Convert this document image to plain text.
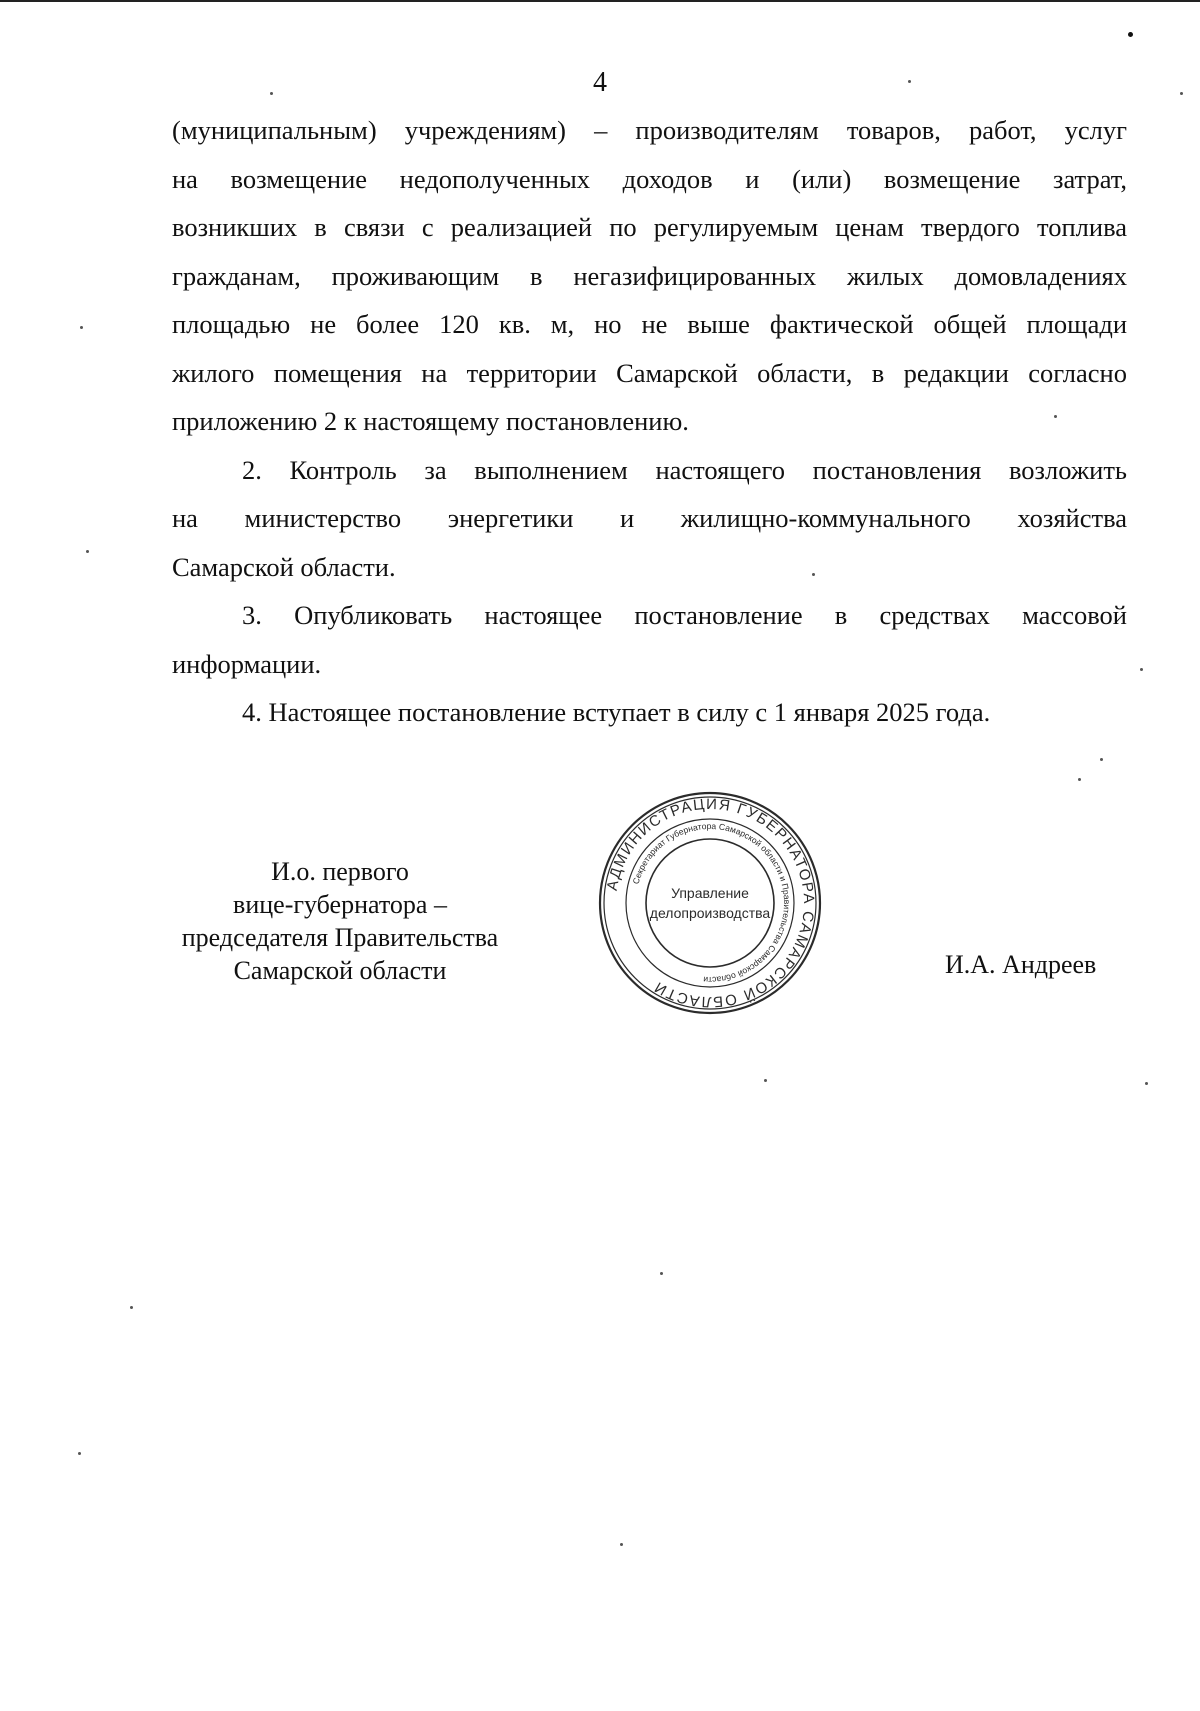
4

(муниципальным) учреждениям) – производителям товаров, работ, услуг
на возмещение недополученных доходов и (или) возмещение затрат,
возникших в связи с реализацией по регулируемым ценам твердого топлива
гражданам, проживающим в негазифицированных жилых домовладениях
площадью не более 120 кв. м, но не выше фактической общей площади
жилого помещения на территории Самарской области, в редакции согласно
приложению 2 к настоящему постановлению.

2. Контроль за выполнением настоящего постановления возложить
на министерство энергетики и жилищно-коммунального хозяйства
Самарской области.

3. Опубликовать настоящее постановление в средствах массовой
информации.

4. Настоящее постановление вступает в силу с 1 января 2025 года.

И.о. первого
вице-губернатора –
председателя Правительства
Самарской области	И.А. Андреев
АДМИНИСТРАЦИЯ ГУБЕРНАТОРА САМАРСКОЙ ОБЛАСТИ
Секретариат Губернатора Самарской области и Правительства Самарской области
Управление
делопроизводства
